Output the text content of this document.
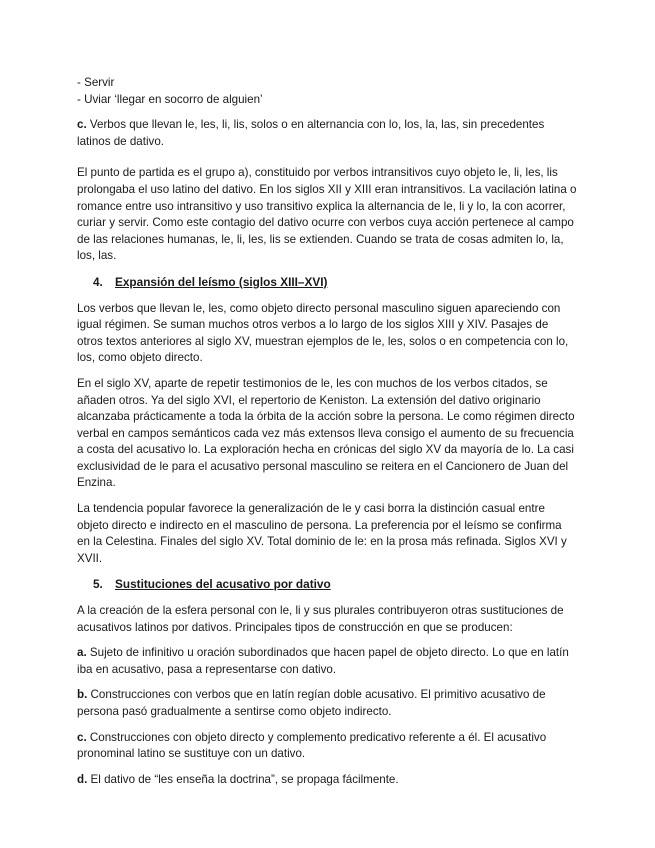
- Servir

- Uviar ‘llegar en socorro de alguien’

c. Verbos que llevan le, les, li, lis, solos o en alternancia con lo, los, la, las, sin precedentes latinos de dativo.

El punto de partida es el grupo a), constituido por verbos intransitivos cuyo objeto le, li, les, lis prolongaba el uso latino del dativo. En los siglos XII y XIII eran intransitivos. La vacilación latina o romance entre uso intransitivo y uso transitivo explica la alternancia de le, li y lo, la con acorrer, curiar y servir. Como este contagio del dativo ocurre con verbos cuya acción pertenece al campo de las relaciones humanas, le, li, les, lis se extienden. Cuando se trata de cosas admiten lo, la, los, las.

4. Expansión del leísmo (siglos XIII–XVI)

Los verbos que llevan le, les, como objeto directo personal masculino siguen apareciendo con igual régimen. Se suman muchos otros verbos a lo largo de los siglos XIII y XIV. Pasajes de otros textos anteriores al siglo XV, muestran ejemplos de le, les, solos o en competencia con lo, los, como objeto directo.

En el siglo XV, aparte de repetir testimonios de le, les con muchos de los verbos citados, se añaden otros. Ya del siglo XVI, el repertorio de Keniston. La extensión del dativo originario alcanzaba prácticamente a toda la órbita de la acción sobre la persona. Le como régimen directo verbal en campos semánticos cada vez más extensos lleva consigo el aumento de su frecuencia a costa del acusativo lo. La exploración hecha en crónicas del siglo XV da mayoría de lo. La casi exclusividad de le para el acusativo personal masculino se reitera en el Cancionero de Juan del Enzina.

La tendencia popular favorece la generalización de le y casi borra la distinción casual entre objeto directo e indirecto en el masculino de persona. La preferencia por el leísmo se confirma en la Celestina. Finales del siglo XV. Total dominio de le: en la prosa más refinada. Siglos XVI y XVII.

5. Sustituciones del acusativo por dativo

A la creación de la esfera personal con le, li y sus plurales contribuyeron otras sustituciones de acusativos latinos por dativos. Principales tipos de construcción en que se producen:

a. Sujeto de infinitivo u oración subordinados que hacen papel de objeto directo. Lo que en latín iba en acusativo, pasa a representarse con dativo.

b. Construcciones con verbos que en latín regían doble acusativo. El primitivo acusativo de persona pasó gradualmente a sentirse como objeto indirecto.

c. Construcciones con objeto directo y complemento predicativo referente a él. El acusativo pronominal latino se sustituye con un dativo.

d. El dativo de “les enseña la doctrina”, se propaga fácilmente.
